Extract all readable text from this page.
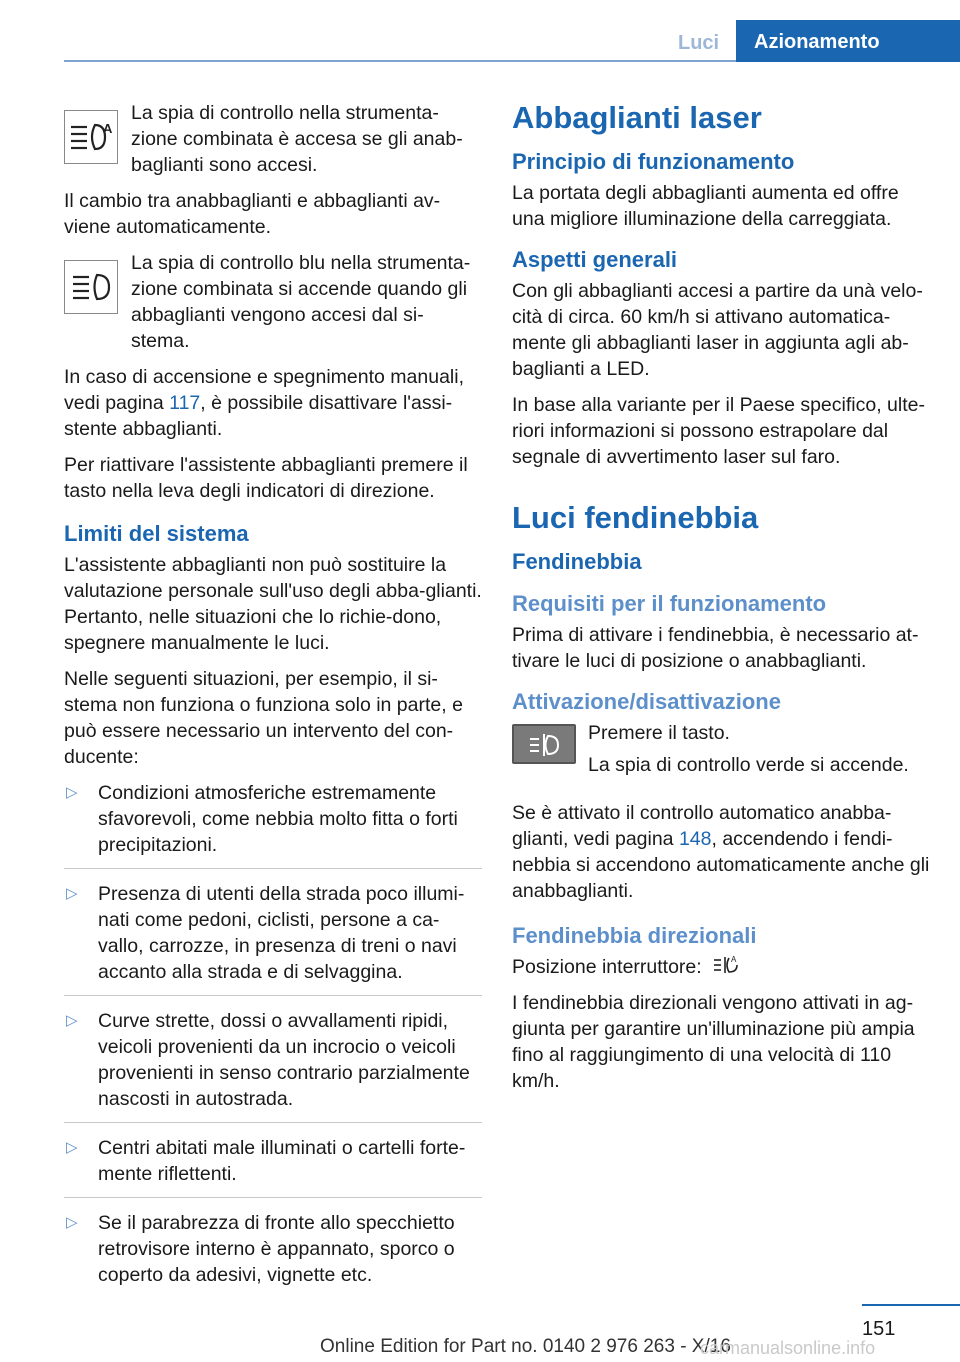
Luci Azionamento
A

La spia di controllo nella strumenta-zione combinata è accesa se gli anab-baglianti sono accesi.

Il cambio tra anabbaglianti e abbaglianti av-viene automaticamente.

La spia di controllo blu nella strumenta-zione combinata si accende quando gli abbaglianti vengono accesi dal si-stema.

In caso di accensione e spegnimento manuali, vedi pagina 117, è possibile disattivare l'assi-stente abbaglianti.

Per riattivare l'assistente abbaglianti premere il tasto nella leva degli indicatori di direzione.

Limiti del sistema

L'assistente abbaglianti non può sostituire la valutazione personale sull'uso degli abba-glianti. Pertanto, nelle situazioni che lo richie-dono, spegnere manualmente le luci.

Nelle seguenti situazioni, per esempio, il si-stema non funziona o funziona solo in parte, e può essere necessario un intervento del con-ducente:

▷ Condizioni atmosferiche estremamente sfavorevoli, come nebbia molto fitta o forti precipitazioni.
▷ Presenza di utenti della strada poco illumi-nati come pedoni, ciclisti, persone a ca-vallo, carrozze, in presenza di treni o navi accanto alla strada e di selvaggina.
▷ Curve strette, dossi o avvallamenti ripidi, veicoli provenienti da un incrocio o veicoli provenienti in senso contrario parzialmente nascosti in autostrada.
▷ Centri abitati male illuminati o cartelli forte-mente riflettenti.
▷ Se il parabrezza di fronte allo specchietto retrovisore interno è appannato, sporco o coperto da adesivi, vignette etc.
Abbaglianti laser
Principio di funzionamento

La portata degli abbaglianti aumenta ed offre una migliore illuminazione della carreggiata.

Aspetti generali

Con gli abbaglianti accesi a partire da unà velo-cità di circa. 60 km/h si attivano automatica-mente gli abbaglianti laser in aggiunta agli ab-baglianti a LED.

In base alla variante per il Paese specifico, ulte-riori informazioni si possono estrapolare dal segnale di avvertimento laser sul faro.

Luci fendinebbia
Fendinebbia
Requisiti per il funzionamento

Prima di attivare i fendinebbia, è necessario at-tivare le luci di posizione o anabbaglianti.

Attivazione/disattivazione

Premere il tasto.

La spia di controllo verde si accende.

Se è attivato il controllo automatico anabba-glianti, vedi pagina 148, accendendo i fendi-nebbia si accendono automaticamente anche gli anabbaglianti.

Fendinebbia direzionali

Posizione interruttore:	A

I fendinebbia direzionali vengono attivati in ag-giunta per garantire un'illuminazione più ampia fino al raggiungimento di una velocità di 110 km/h.

151
Online Edition for Part no. 0140 2 976 263 - X/16
carmanualsonline.info
